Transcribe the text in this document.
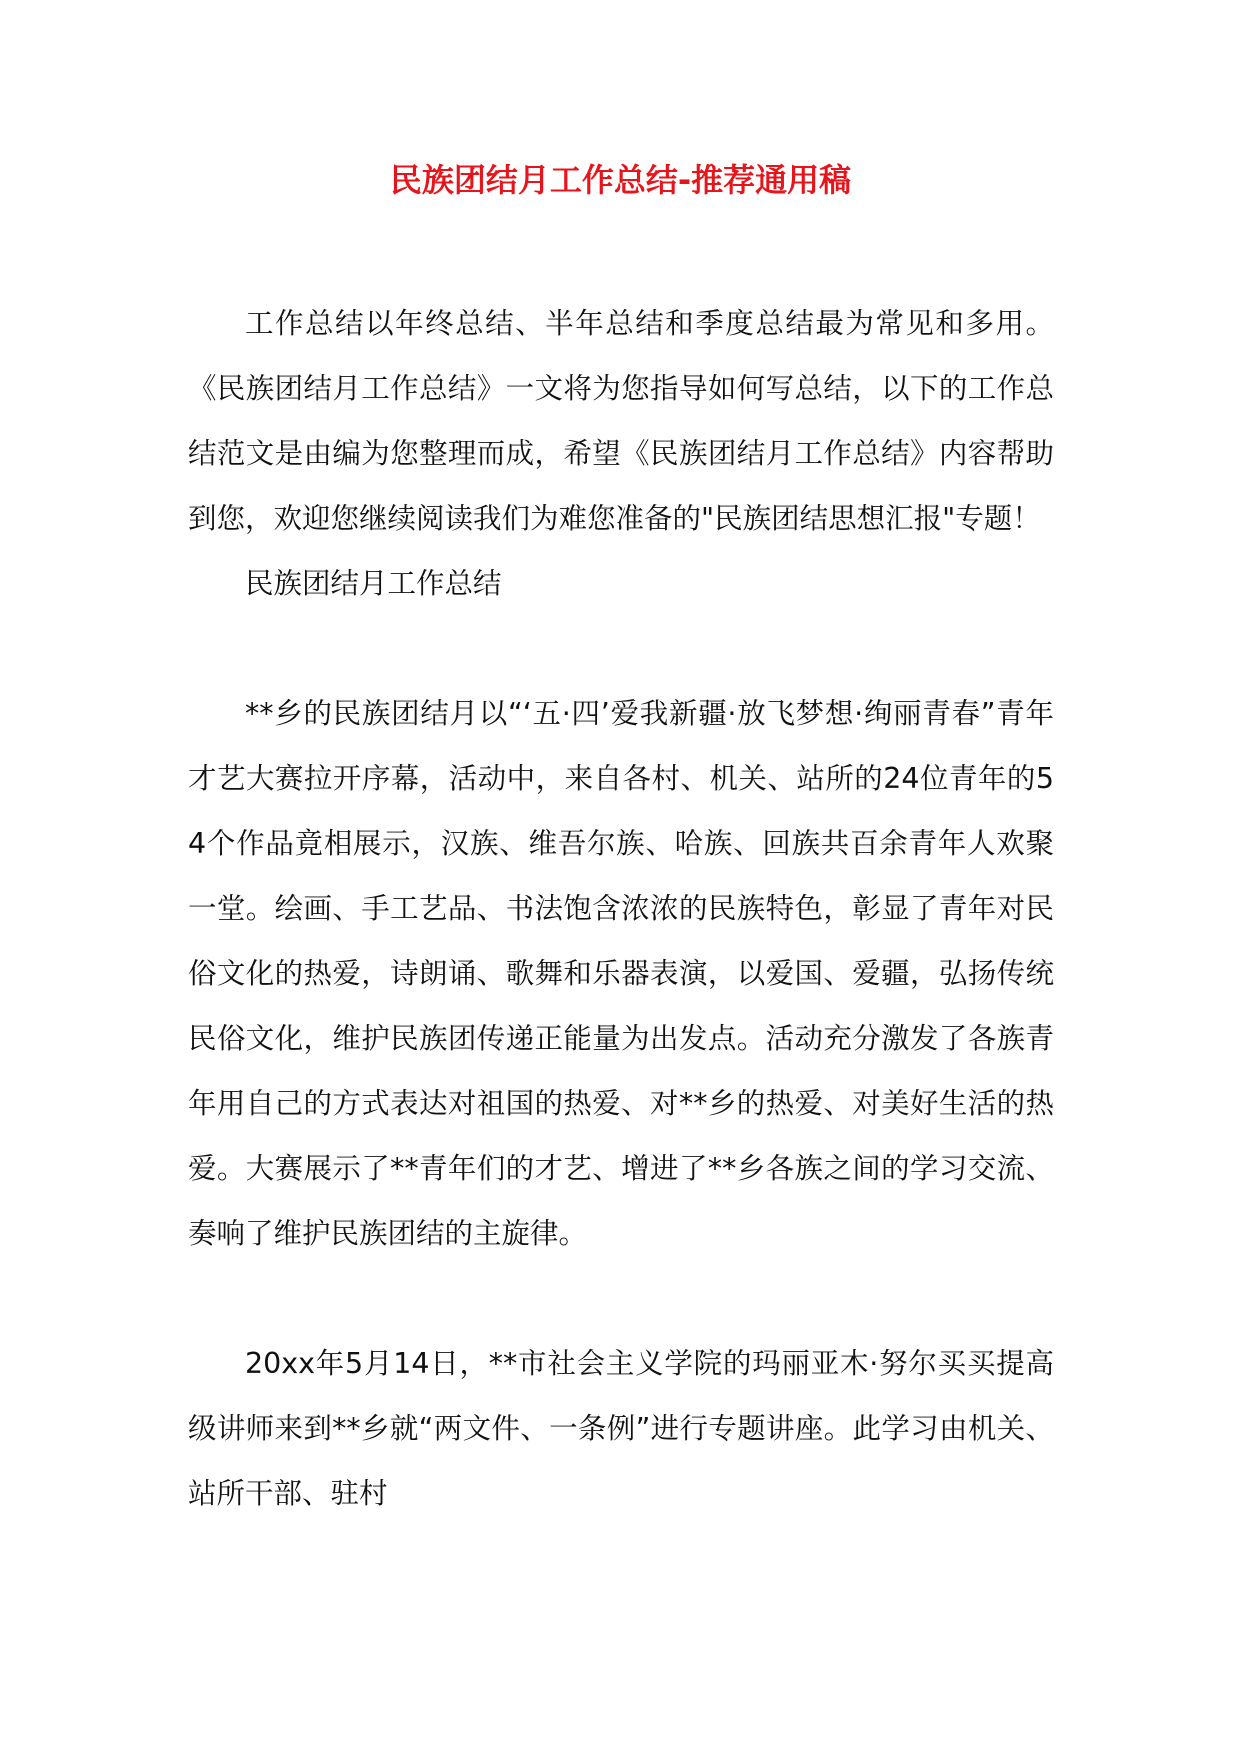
民族团结月工作总结-推荐通用稿

工作总结以年终总结、半年总结和季度总结最为常见和多用。《民族团结月工作总结》一文将为您指导如何写总结，以下的工作总结范文是由编为您整理而成，希望《民族团结月工作总结》内容帮助到您，欢迎您继续阅读我们为难您准备的"民族团结思想汇报"专题！

民族团结月工作总结

**乡的民族团结月以“‘五·四’爱我新疆·放飞梦想·绚丽青春”青年才艺大赛拉开序幕，活动中，来自各村、机关、站所的24位青年的54个作品竟相展示，汉族、维吾尔族、哈族、回族共百余青年人欢聚一堂。绘画、手工艺品、书法饱含浓浓的民族特色，彰显了青年对民俗文化的热爱，诗朗诵、歌舞和乐器表演，以爱国、爱疆，弘扬传统民俗文化，维护民族团传递正能量为出发点。活动充分激发了各族青年用自己的方式表达对祖国的热爱、对**乡的热爱、对美好生活的热爱。大赛展示了**青年们的才艺、增进了**乡各族之间的学习交流、奏响了维护民族团结的主旋律。

20xx年5月14日，**市社会主义学院的玛丽亚木·努尔买买提高级讲师来到**乡就“两文件、一条例”进行专题讲座。此学习由机关、站所干部、驻村
